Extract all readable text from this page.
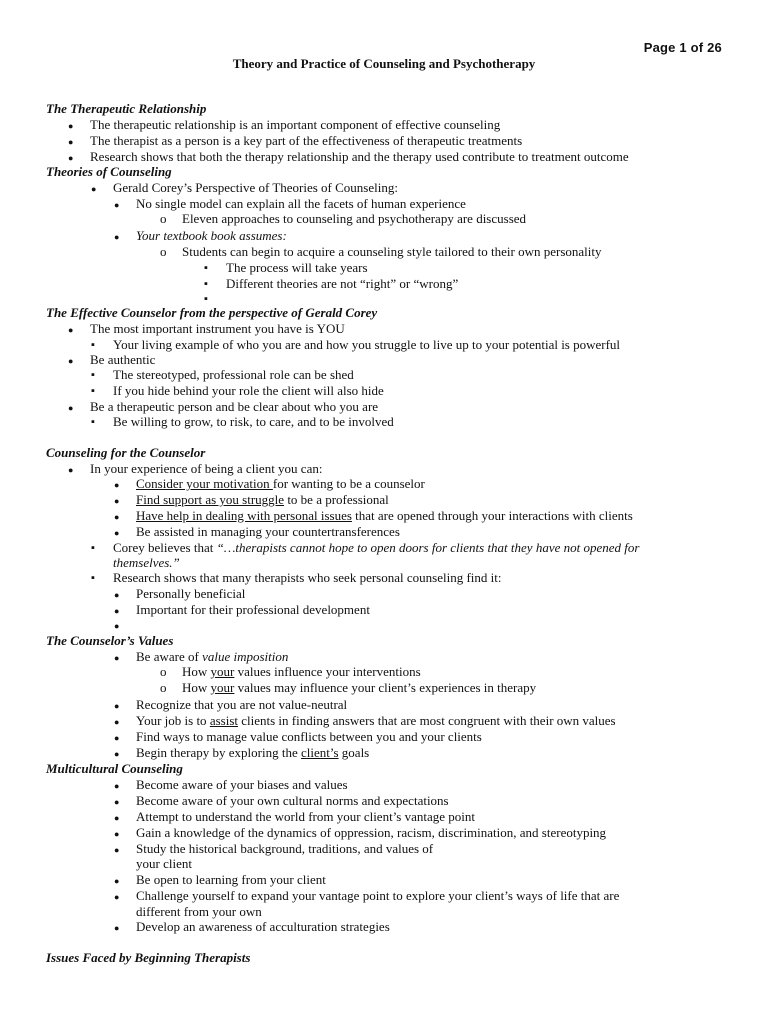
Page 1 of 26
Theory and Practice of Counseling and Psychotherapy
The Therapeutic Relationship
● The therapeutic relationship is an important component of effective counseling
● The therapist as a person is a key part of the effectiveness of therapeutic treatments
● Research shows that both the therapy relationship and the therapy used contribute to treatment outcome
Theories of Counseling
● Gerald Corey’s Perspective of Theories of Counseling:
● No single model can explain all the facets of human experience
o Eleven approaches to counseling and psychotherapy are discussed
● Your textbook book assumes:
o Students can begin to acquire a counseling style tailored to their own personality
▪ The process will take years
▪ Different theories are not “right” or “wrong”
▪
The Effective Counselor from the perspective of Gerald Corey
● The most important instrument you have is YOU
▪ Your living example of who you are and how you struggle to live up to your potential is powerful
● Be authentic
▪ The stereotyped, professional role can be shed
▪ If you hide behind your role the client will also hide
● Be a therapeutic person and be clear about who you are
▪ Be willing to grow, to risk, to care, and to be involved
Counseling for the Counselor
● In your experience of being a client you can:
● Consider your motivation for wanting to be a counselor
● Find support as you struggle to be a professional
● Have help in dealing with personal issues that are opened through your interactions with clients
● Be assisted in managing your countertransferences
▪ Corey believes that “…therapists cannot hope to open doors for clients that they have not opened for
themselves.”
▪ Research shows that many therapists who seek personal counseling find it:
● Personally beneficial
● Important for their professional development
●
The Counselor’s Values
● Be aware of value imposition
o How your values influence your interventions
o How your values may influence your client’s experiences in therapy
● Recognize that you are not value-neutral
● Your job is to assist clients in finding answers that are most congruent with their own values
● Find ways to manage value conflicts between you and your clients
● Begin therapy by exploring the client’s goals
Multicultural Counseling
● Become aware of your biases and values
● Become aware of your own cultural norms and expectations
● Attempt to understand the world from your client’s vantage point
● Gain a knowledge of the dynamics of oppression, racism, discrimination, and stereotyping
● Study the historical background, traditions, and values of
your client
● Be open to learning from your client
● Challenge yourself to expand your vantage point to explore your client’s ways of life that are
different from your own
● Develop an awareness of acculturation strategies
Issues Faced by Beginning Therapists
